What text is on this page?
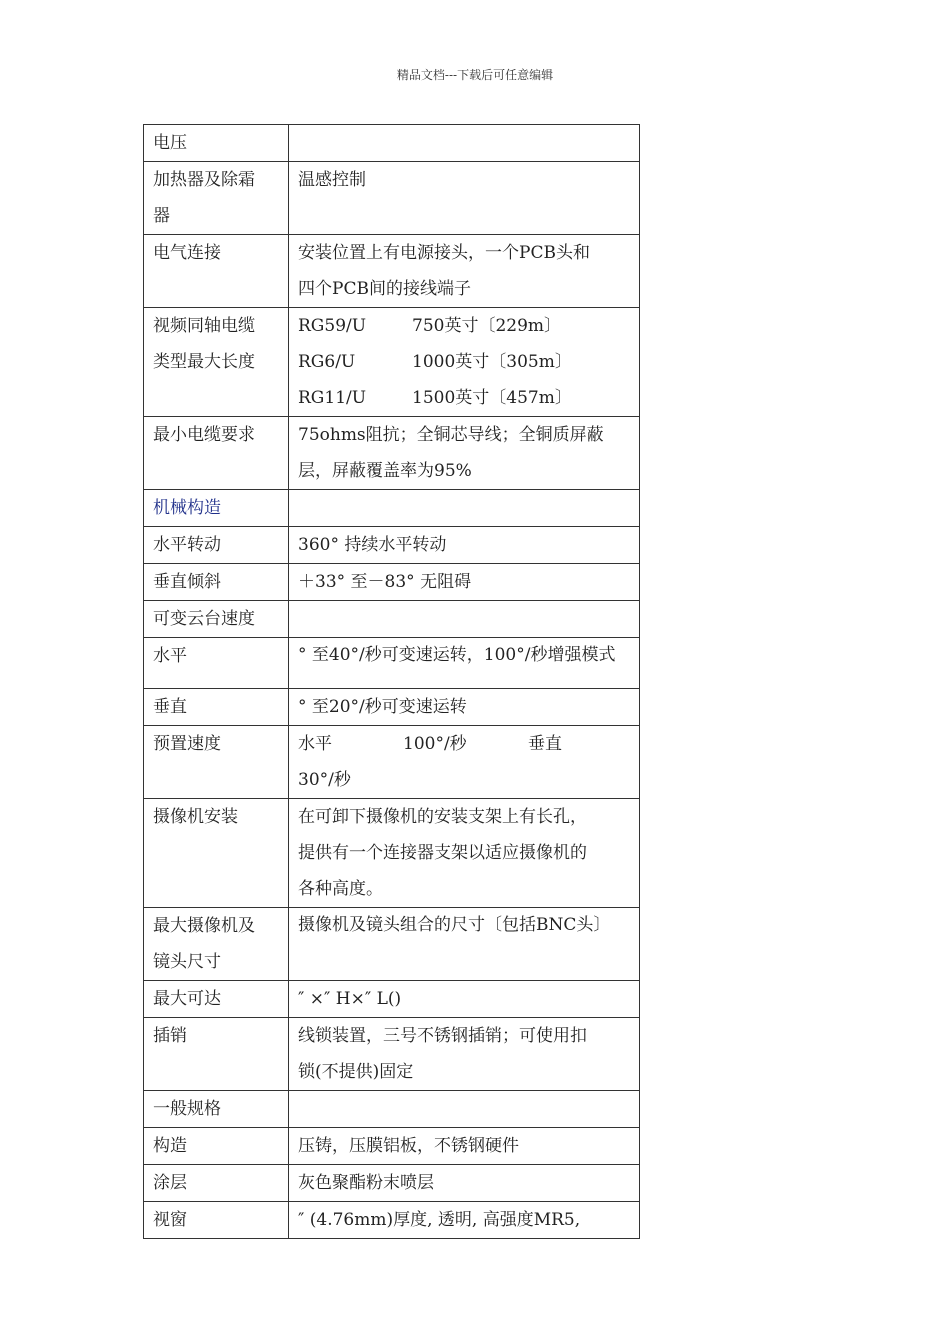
精品文档---下载后可任意编辑
电压	

加热器及除霜
器	温感控制

电气连接	安装位置上有电源接头，一个PCB头和
四个PCB间的接线端子

视频同轴电缆
类型最大长度	RG59/U 750英寸〔229m〕
RG6/U 1000英寸〔305m〕
RG11/U 1500英寸〔457m〕

最小电缆要求	75ohms阻抗；全铜芯导线；全铜质屏蔽
层，屏蔽覆盖率为95%

机械构造	

水平转动	360° 持续水平转动

垂直倾斜	＋33° 至－83° 无阻碍

可变云台速度	

水平	° 至40°/秒可变速运转，100°/秒增强模式

垂直	° 至20°/秒可变速运转

预置速度	水平 100°/秒 垂直
30°/秒

摄像机安装	在可卸下摄像机的安装支架上有长孔，
提供有一个连接器支架以适应摄像机的
各种高度。

最大摄像机及
镜头尺寸	摄像机及镜头组合的尺寸〔包括BNC头〕

最大可达	″ ×″ H×″ L()

插销	线锁装置，三号不锈钢插销；可使用扣
锁(不提供)固定

一般规格	

构造	压铸，压膜铝板，不锈钢硬件

涂层	灰色聚酯粉末喷层

视窗	″ (4.76mm)厚度, 透明, 高强度MR5,
